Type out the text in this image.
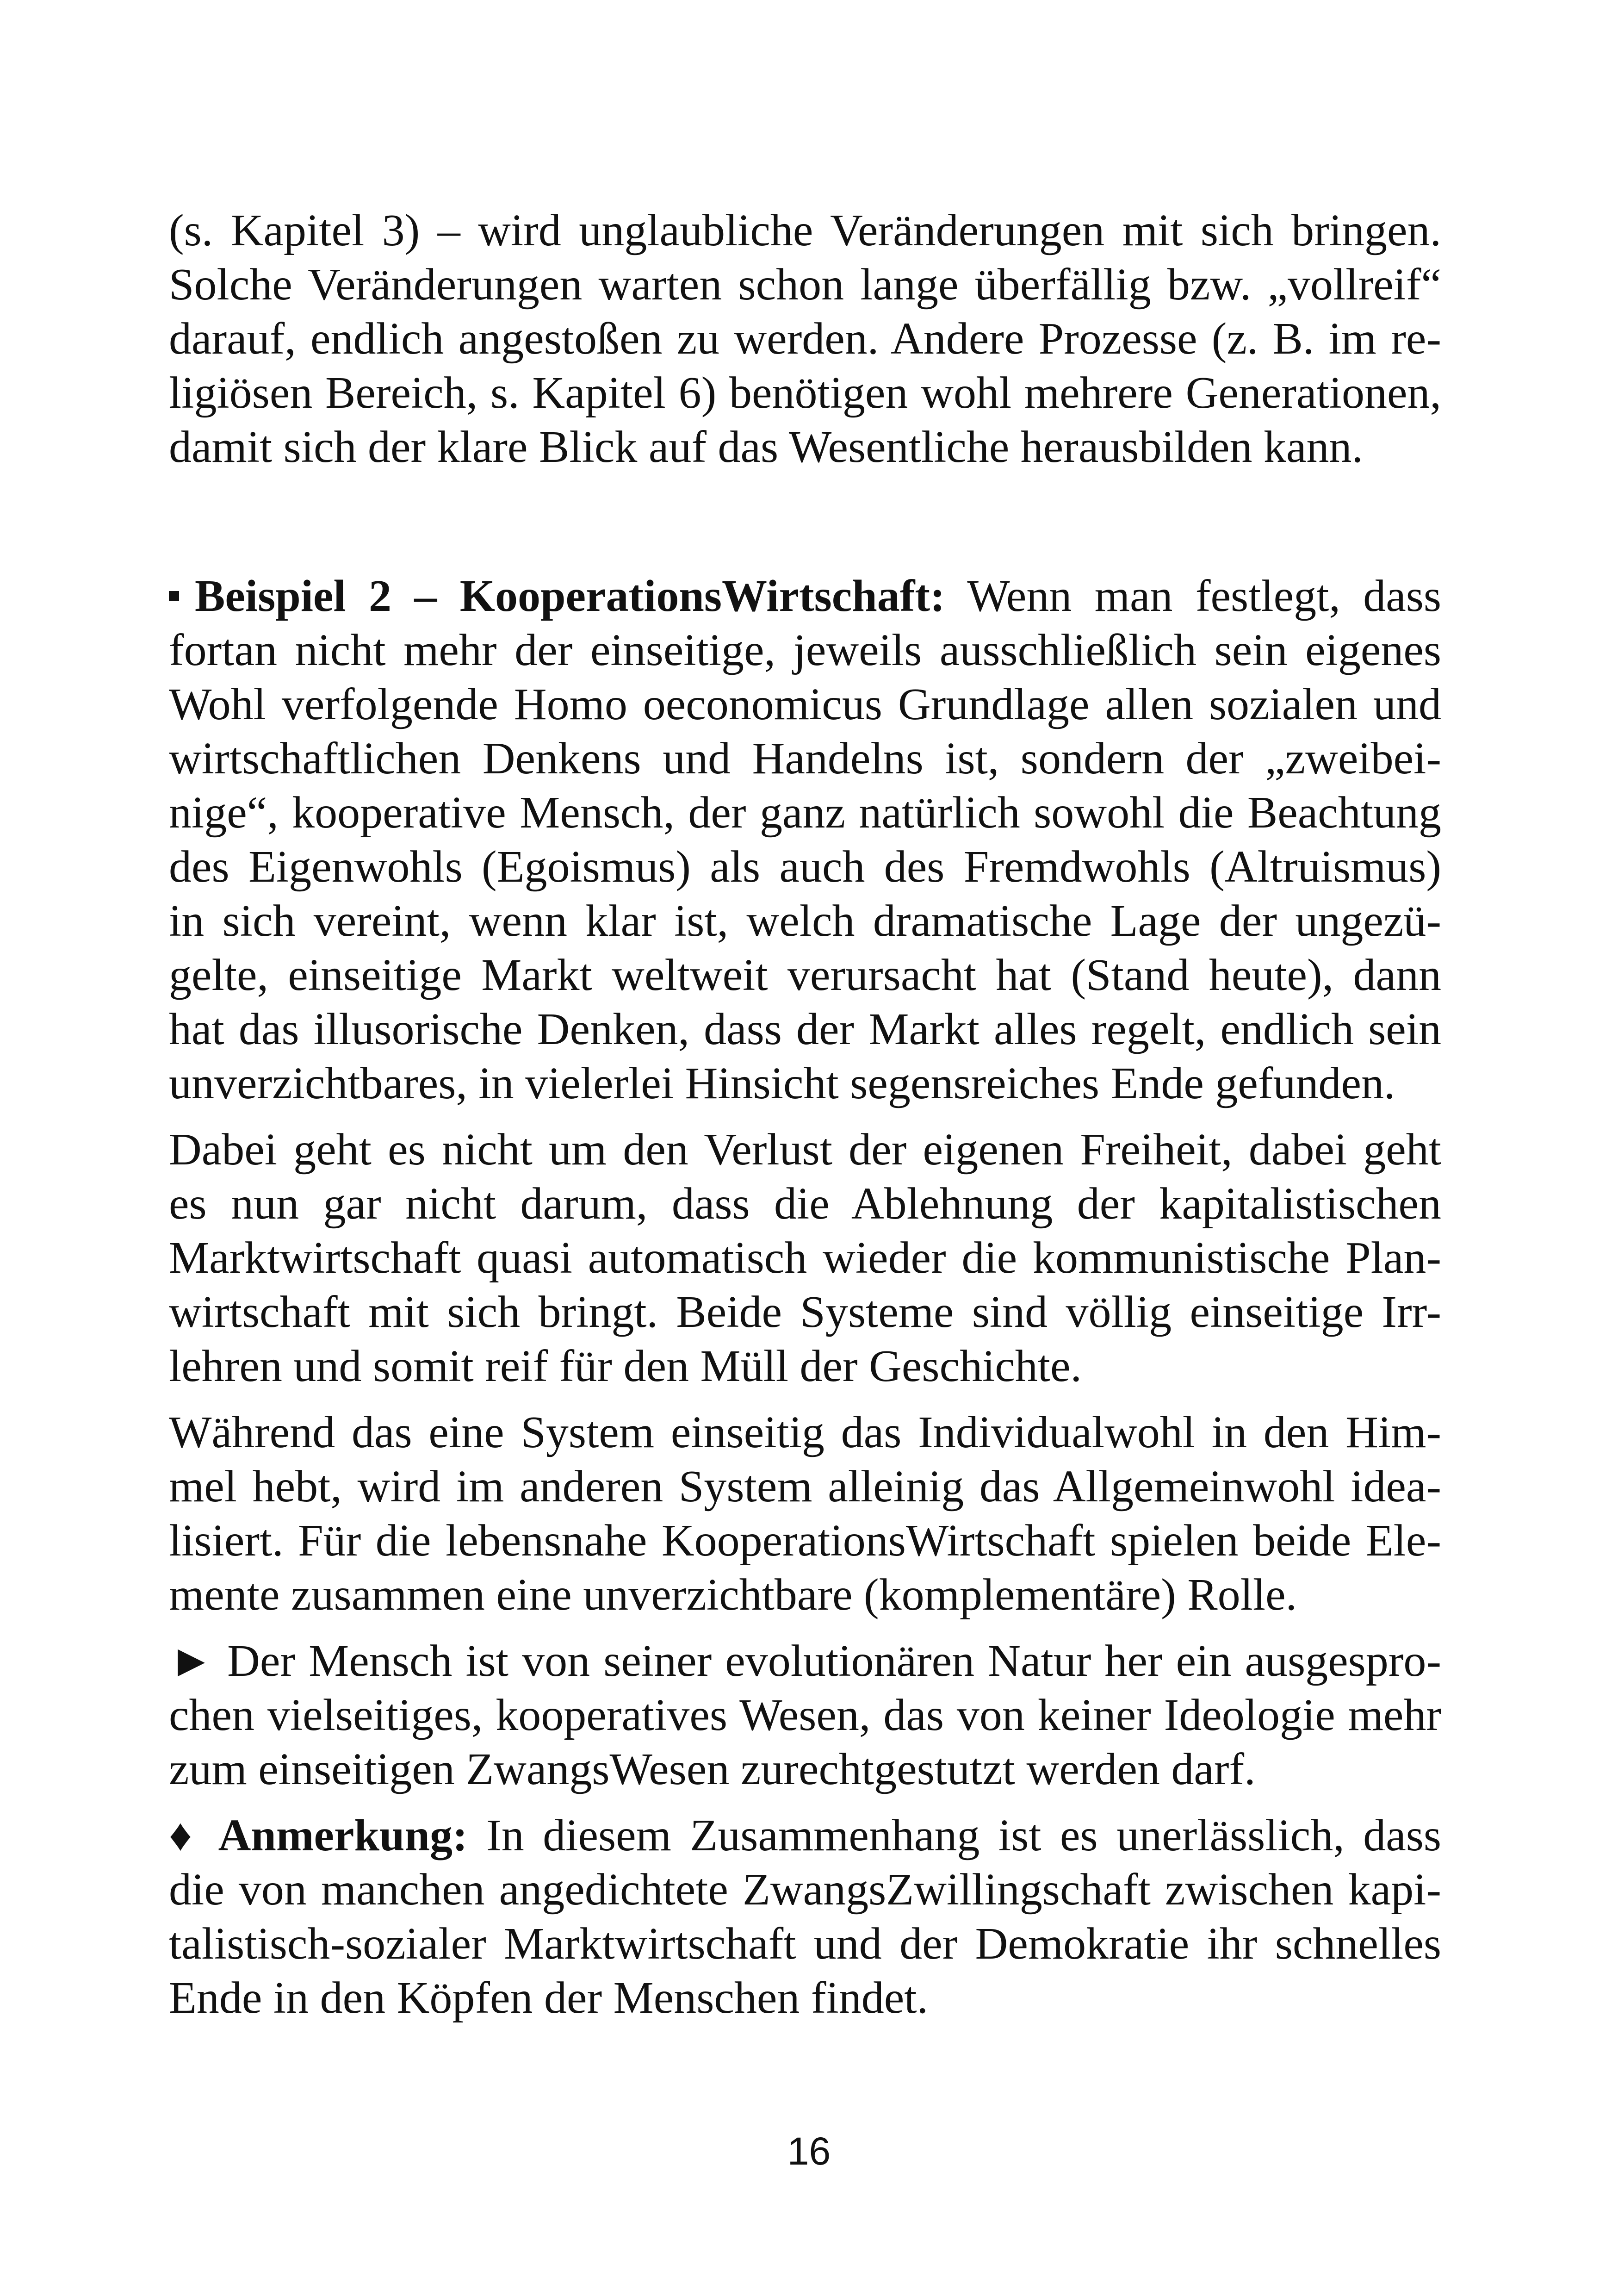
(s. Kapitel 3) – wird unglaubliche Veränderungen mit sich bringen.
Solche Veränderungen warten schon lange überfällig bzw. „vollreif“
darauf, endlich angestoßen zu werden. Andere Prozesse (z. B. im re-
ligiösen Bereich, s. Kapitel 6) benötigen wohl mehrere Generationen,
damit sich der klare Blick auf das Wesentliche herausbilden kann.

Beispiel 2 – KooperationsWirtschaft: Wenn man festlegt, dass
fortan nicht mehr der einseitige, jeweils ausschließlich sein eigenes
Wohl verfolgende Homo oeconomicus Grundlage allen sozialen und
wirtschaftlichen Denkens und Handelns ist, sondern der „zweibei-
nige“, kooperative Mensch, der ganz natürlich sowohl die Beachtung
des Eigenwohls (Egoismus) als auch des Fremdwohls (Altruismus)
in sich vereint, wenn klar ist, welch dramatische Lage der ungezü-
gelte, einseitige Markt weltweit verursacht hat (Stand heute), dann
hat das illusorische Denken, dass der Markt alles regelt, endlich sein
unverzichtbares, in vielerlei Hinsicht segensreiches Ende gefunden.

Dabei geht es nicht um den Verlust der eigenen Freiheit, dabei geht
es nun gar nicht darum, dass die Ablehnung der kapitalistischen
Marktwirtschaft quasi automatisch wieder die kommunistische Plan-
wirtschaft mit sich bringt. Beide Systeme sind völlig einseitige Irr-
lehren und somit reif für den Müll der Geschichte.

Während das eine System einseitig das Individualwohl in den Him-
mel hebt, wird im anderen System alleinig das Allgemeinwohl idea-
lisiert. Für die lebensnahe KooperationsWirtschaft spielen beide Ele-
mente zusammen eine unverzichtbare (komplementäre) Rolle.

► Der Mensch ist von seiner evolutionären Natur her ein ausgespro-
chen vielseitiges, kooperatives Wesen, das von keiner Ideologie mehr
zum einseitigen ZwangsWesen zurechtgestutzt werden darf.

♦ Anmerkung: In diesem Zusammenhang ist es unerlässlich, dass
die von manchen angedichtete ZwangsZwillingschaft zwischen kapi-
talistisch-sozialer Marktwirtschaft und der Demokratie ihr schnelles
Ende in den Köpfen der Menschen findet.

16
